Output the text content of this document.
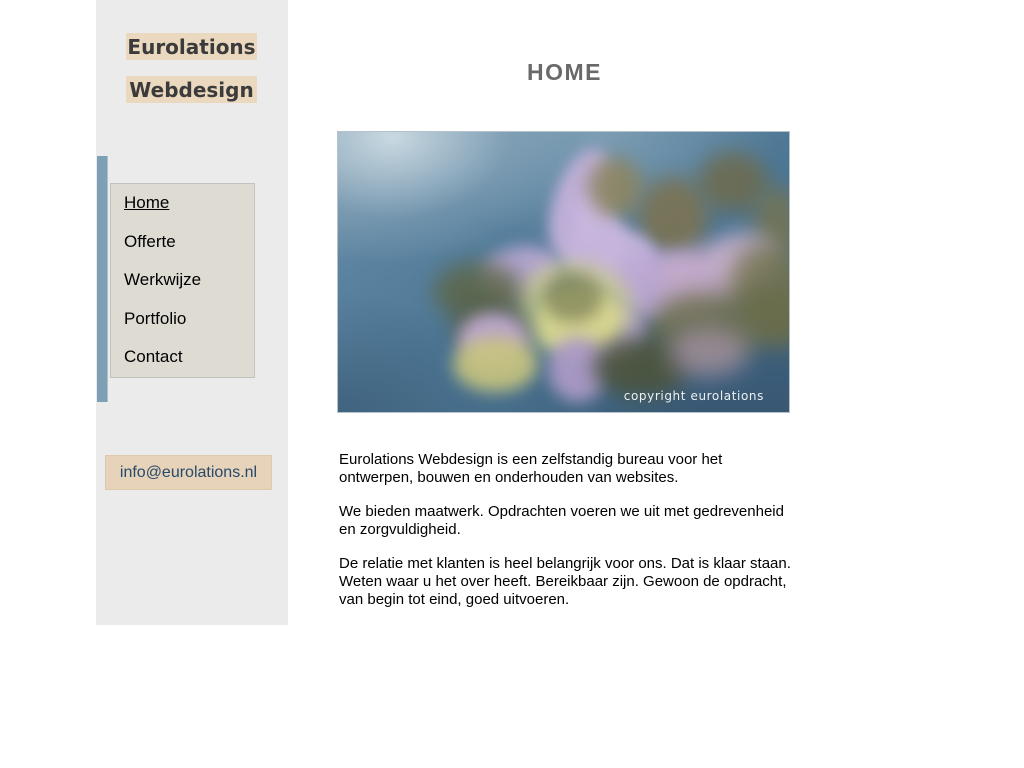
Eurolations
Webdesign
Home
Offerte
Werkwijze
Portfolio
Contact
info@eurolations.nl
HOME
copyright eurolations

Eurolations Webdesign is een zelfstandig bureau voor het ontwerpen, bouwen en onderhouden van websites.

We bieden maatwerk. Opdrachten voeren we uit met gedrevenheid en zorgvuldigheid.

De relatie met klanten is heel belangrijk voor ons. Dat is klaar staan. Weten waar u het over heeft. Bereikbaar zijn. Gewoon de opdracht, van begin tot eind, goed uitvoeren.
